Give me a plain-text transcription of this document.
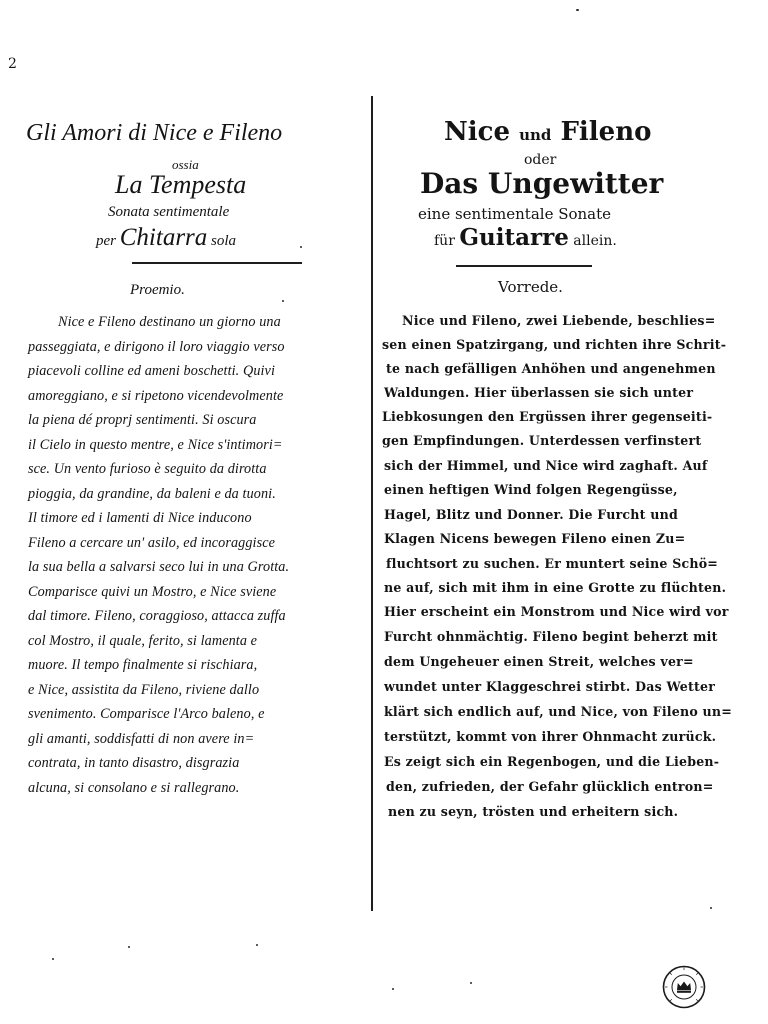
2
Gli Amori di Nice e Fileno
ossia
La Tempesta
Sonata sentimentale
per Chitarra sola
Proemio.
Nice e Fileno destinano un giorno una
passeggiata, e dirigono il loro viaggio verso
piacevoli colline ed ameni boschetti. Quivi
amoreggiano, e si ripetono vicendevolmente
la piena dé proprj sentimenti. Si oscura
il Cielo in questo mentre, e Nice s'intimori=
sce. Un vento furioso è seguito da dirotta
pioggia, da grandine, da baleni e da tuoni.
Il timore ed i lamenti di Nice inducono
Fileno a cercare un' asilo, ed incoraggisce
la sua bella a salvarsi seco lui in una Grotta.
Comparisce quivi un Mostro, e Nice sviene
dal timore. Fileno, coraggioso, attacca zuffa
col Mostro, il quale, ferito, si lamenta e
muore. Il tempo finalmente si rischiara,
e Nice, assistita da Fileno, riviene dallo
svenimento. Comparisce l'Arco baleno, e
gli amanti, soddisfatti di non avere in=
contrata, in tanto disastro, disgrazia
alcuna, si consolano e si rallegrano.
Nice und Fileno
oder
Das Ungewitter
eine sentimentale Sonate
für Guitarre allein.
Vorrede.
Nice und Fileno, zwei Liebende, beschlies=
sen einen Spatzirgang, und richten ihre Schrit-
te nach gefälligen Anhöhen und angenehmen
Waldungen. Hier überlassen sie sich unter
Liebkosungen den Ergüssen ihrer gegenseiti-
gen Empfindungen. Unterdessen verfinstert
sich der Himmel, und Nice wird zaghaft. Auf
einen heftigen Wind folgen Regengüsse,
Hagel, Blitz und Donner. Die Furcht und
Klagen Nicens bewegen Fileno einen Zu=
fluchtsort zu suchen. Er muntert seine Schö=
ne auf, sich mit ihm in eine Grotte zu flüchten.
Hier erscheint ein Monstrom und Nice wird vor
Furcht ohnmächtig. Fileno begint beherzt mit
dem Ungeheuer einen Streit, welches ver=
wundet unter Klaggeschrei stirbt. Das Wetter
klärt sich endlich auf, und Nice, von Fileno un=
terstützt, kommt von ihrer Ohnmacht zurück.
Es zeigt sich ein Regenbogen, und die Lieben-
den, zufrieden, der Gefahr glücklich entron=
nen zu seyn, trösten und erheitern sich.
